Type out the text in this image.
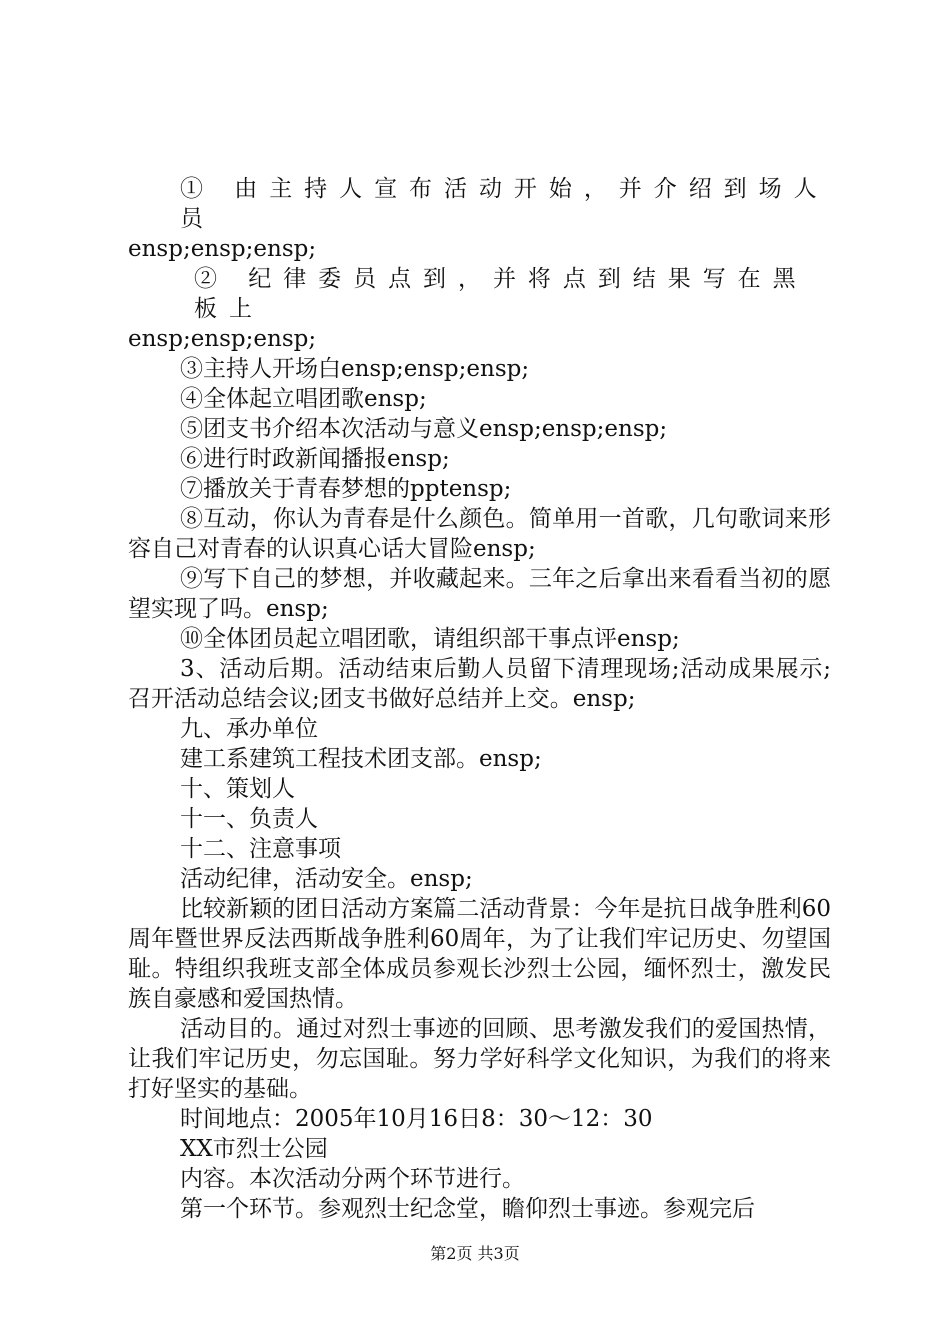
① 由主持人宣布活动开始，并介绍到场人员
ensp;ensp;ensp;

② 纪律委员点到，并将点到结果写在黑板上
ensp;ensp;ensp;

③主持人开场白ensp;ensp;ensp;

④全体起立唱团歌ensp;

⑤团支书介绍本次活动与意义ensp;ensp;ensp;

⑥进行时政新闻播报ensp;

⑦播放关于青春梦想的pptensp;

⑧互动，你认为青春是什么颜色。简单用一首歌，几句歌词来形容自己对青春的认识真心话大冒险ensp;

⑨写下自己的梦想，并收藏起来。三年之后拿出来看看当初的愿望实现了吗。ensp;

⑩全体团员起立唱团歌，请组织部干事点评ensp;

3、活动后期。活动结束后勤人员留下清理现场;活动成果展示;召开活动总结会议;团支书做好总结并上交。ensp;

九、承办单位

建工系建筑工程技术团支部。ensp;

十、策划人

十一、负责人

十二、注意事项

活动纪律，活动安全。ensp;

比较新颖的团日活动方案篇二活动背景：今年是抗日战争胜利60周年暨世界反法西斯战争胜利60周年，为了让我们牢记历史、勿望国耻。特组织我班支部全体成员参观长沙烈士公园，缅怀烈士，激发民族自豪感和爱国热情。

活动目的。通过对烈士事迹的回顾、思考激发我们的爱国热情，让我们牢记历史，勿忘国耻。努力学好科学文化知识，为我们的将来打好坚实的基础。

时间地点：2005年10月16日8：30～12：30

XX市烈士公园

内容。本次活动分两个环节进行。

第一个环节。参观烈士纪念堂，瞻仰烈士事迹。参观完后

第2页 共3页
